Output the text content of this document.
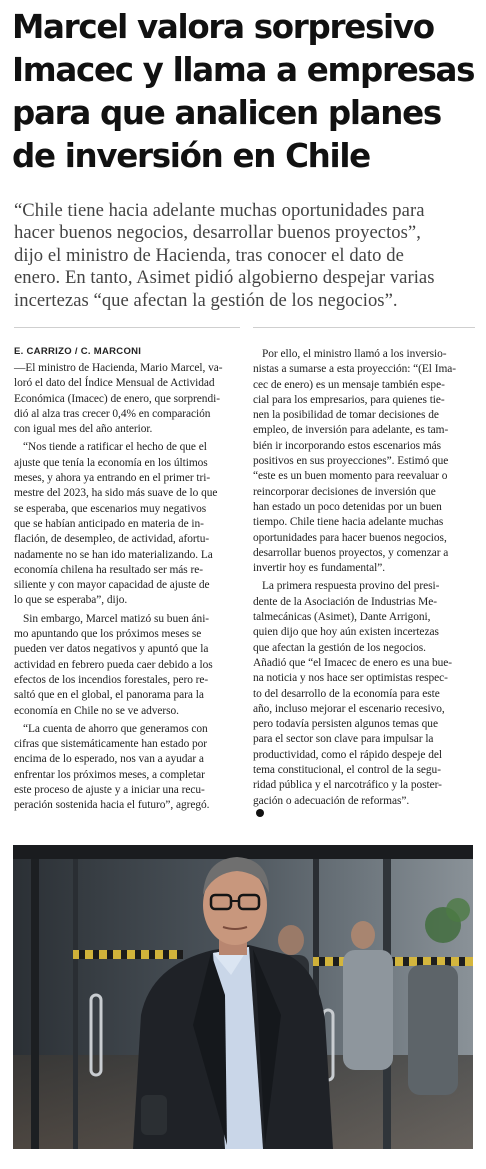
Marcel valora sorpresivo
Imacec y llama a empresas
para que analicen planes
de inversión en Chile
“Chile tiene hacia adelante muchas oportunidades para
hacer buenos negocios, desarrollar buenos proyectos”,
dijo el ministro de Hacienda, tras conocer el dato de
enero. En tanto, Asimet pidió algobierno despejar varias
incertezas “que afectan la gestión de los negocios”.
E. CARRIZO / C. MARCONI
—El ministro de Hacienda, Mario Marcel, va-
loró el dato del Índice Mensual de Actividad
Económica (Imacec) de enero, que sorprendi-
dió al alza tras crecer 0,4% en comparación
con igual mes del año anterior.
“Nos tiende a ratificar el hecho de que el
ajuste que tenía la economía en los últimos
meses, y ahora ya entrando en el primer tri-
mestre del 2023, ha sido más suave de lo que
se esperaba, que escenarios muy negativos
que se habían anticipado en materia de in-
flación, de desempleo, de actividad, afortu-
nadamente no se han ido materializando. La
economía chilena ha resultado ser más re-
siliente y con mayor capacidad de ajuste de
lo que se esperaba”, dijo.
Sin embargo, Marcel matizó su buen áni-
mo apuntando que los próximos meses se
pueden ver datos negativos y apuntó que la
actividad en febrero pueda caer debido a los
efectos de los incendios forestales, pero re-
saltó que en el global, el panorama para la
economía en Chile no se ve adverso.
“La cuenta de ahorro que generamos con
cifras que sistemáticamente han estado por
encima de lo esperado, nos van a ayudar a
enfrentar los próximos meses, a completar
este proceso de ajuste y a iniciar una recu-
peración sostenida hacia el futuro”, agregó.
Por ello, el ministro llamó a los inversio-
nistas a sumarse a esta proyección: “(El Ima-
cec de enero) es un mensaje también espe-
cial para los empresarios, para quienes tie-
nen la posibilidad de tomar decisiones de
empleo, de inversión para adelante, es tam-
bién ir incorporando estos escenarios más
positivos en sus proyecciones”. Estimó que
“este es un buen momento para reevaluar o
reincorporar decisiones de inversión que
han estado un poco detenidas por un buen
tiempo. Chile tiene hacia adelante muchas
oportunidades para hacer buenos negocios,
desarrollar buenos proyectos, y comenzar a
invertir hoy es fundamental”.
La primera respuesta provino del presi-
dente de la Asociación de Industrias Me-
talmecánicas (Asimet), Dante Arrigoni,
quien dijo que hoy aún existen incertezas
que afectan la gestión de los negocios.
Añadió que “el Imacec de enero es una bue-
na noticia y nos hace ser optimistas respec-
to del desarrollo de la economía para este
año, incluso mejorar el escenario recesivo,
pero todavía persisten algunos temas que
para el sector son clave para impulsar la
productividad, como el rápido despeje del
tema constitucional, el control de la segu-
ridad pública y el narcotráfico y la poster-
gación o adecuación de reformas”.
